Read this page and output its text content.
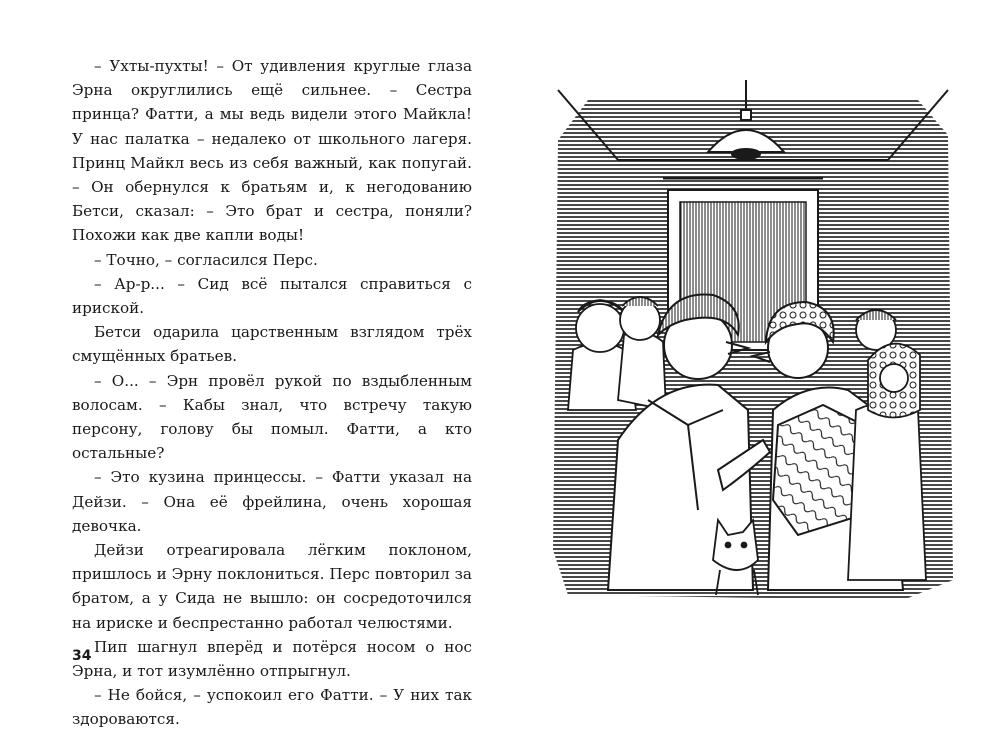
– Ухты-пухты! – От удивления круглые глаза Эрна округлились ещё сильнее. – Сестра принца? Фатти, а мы ведь видели этого Майкла! У нас палатка – недалеко от школьного лагеря. Принц Майкл весь из себя важный, как попугай. – Он обернулся к братьям и, к негодованию Бетси, сказал: – Это брат и сестра, поняли? Похожи как две капли воды!

– Точно, – согласился Перс.

– Ар-р... – Сид всё пытался справиться с ириской.

Бетси одарила царственным взглядом трёх смущённых братьев.

– О... – Эрн провёл рукой по вздыбленным волосам. – Кабы знал, что встречу такую персону, голову бы помыл. Фатти, а кто остальные?

– Это кузина принцессы. – Фатти указал на Дейзи. – Она её фрейлина, очень хорошая девочка.

Дейзи отреагировала лёгким поклоном, пришлось и Эрну поклониться. Перс повторил за братом, а у Сида не вышло: он сосредоточился на ириске и беспрестанно работал челюстями.

Пип шагнул вперёд и потёрся носом о нос Эрна, и тот изумлённо отпрыгнул.

– Не бойся, – успокоил его Фатти. – У них так здороваются.

34
